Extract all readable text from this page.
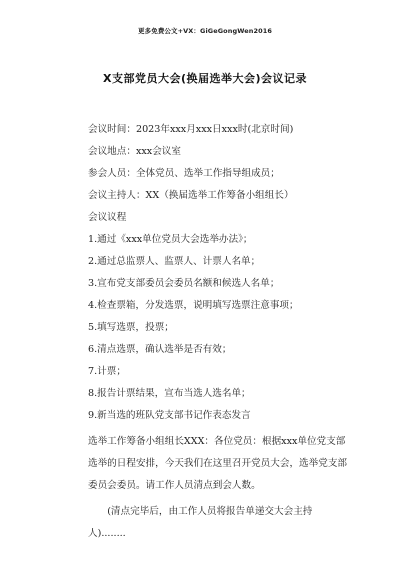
更多免费公文+VX：GiGeGongWen2016
X支部党员大会(换届选举大会)会议记录
会议时间：2023年xxx月xxx日xxx时(北京时间)
会议地点：xxx会议室
参会人员：全体党员、选举工作指导组成员；
会议主持人：XX（换届选举工作筹备小组组长）
会议议程
1.通过《xxx单位党员大会选举办法》；
2.通过总监票人、监票人、计票人名单；
3.宣布党支部委员会委员名额和候选人名单；
4.检查票箱，分发选票，说明填写选票注意事项；
5.填写选票，投票；
6.清点选票，确认选举是否有效；
7.计票；
8.报告计票结果，宣布当选人选名单；
9.新当选的班队党支部书记作表态发言
选举工作筹备小组组长XXX：各位党员：根据xxx单位党支部选举的日程安排，今天我们在这里召开党员大会，选举党支部委员会委员。请工作人员清点到会人数。
(清点完毕后，由工作人员将报告单递交大会主持人)........
